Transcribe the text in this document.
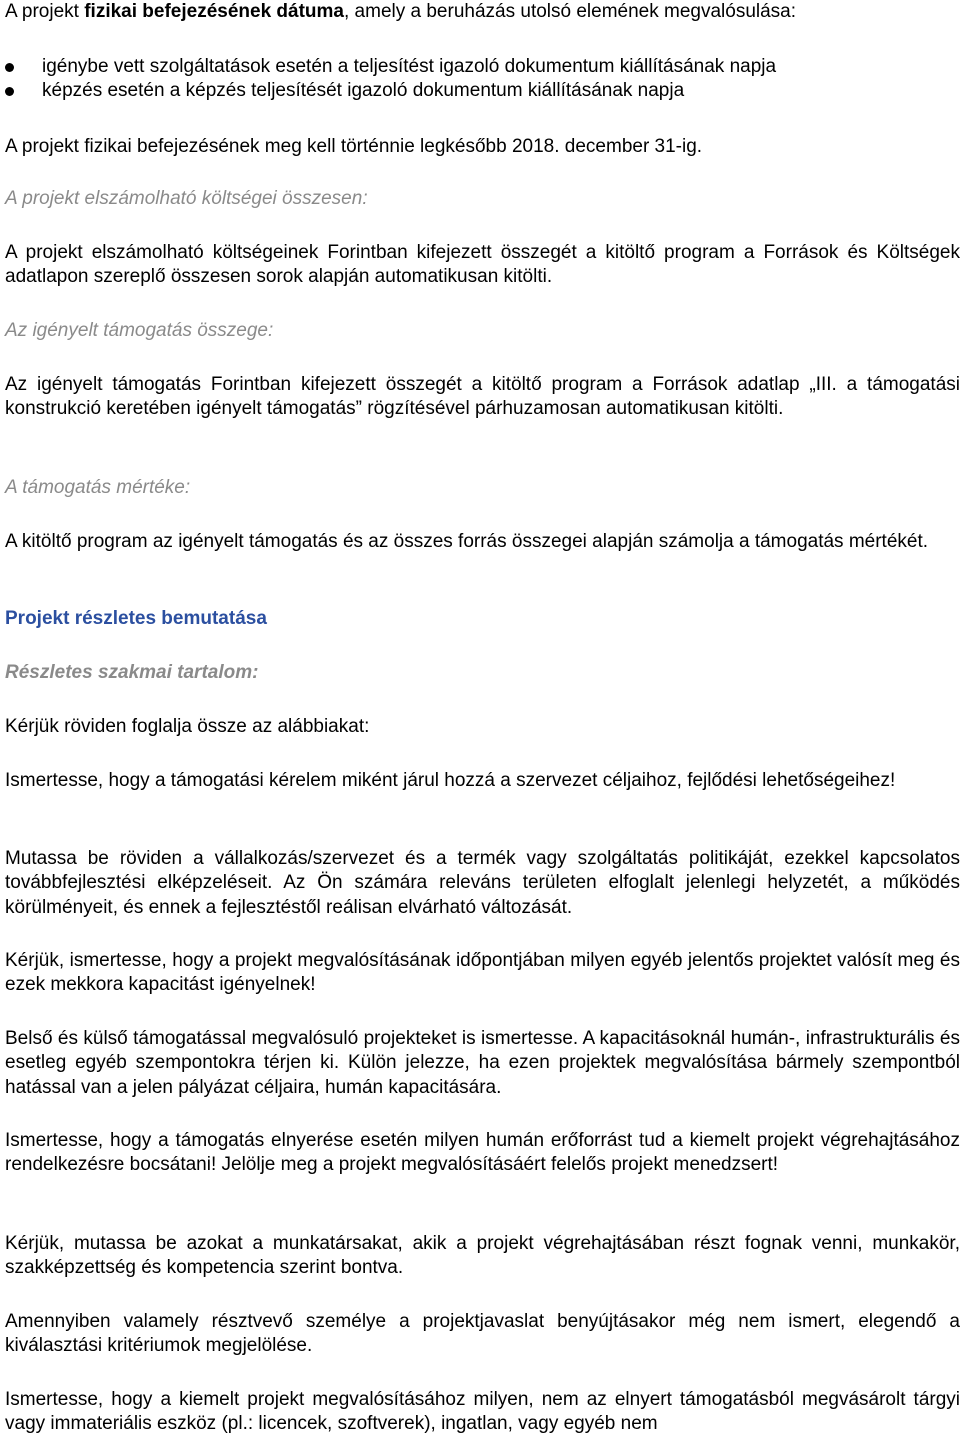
A projekt fizikai befejezésének dátuma, amely a beruházás utolsó elemének megvalósulása:

igénybe vett szolgáltatások esetén a teljesítést igazoló dokumentum kiállításának napja
képzés esetén a képzés teljesítését igazoló dokumentum kiállításának napja

A projekt fizikai befejezésének meg kell történnie legkésőbb 2018. december 31-ig.

A projekt elszámolható költségei összesen:

A projekt elszámolható költségeinek Forintban kifejezett összegét a kitöltő program a Források és Költségek adatlapon szereplő összesen sorok alapján automatikusan kitölti.

Az igényelt támogatás összege:

Az igényelt támogatás Forintban kifejezett összegét a kitöltő program a Források adatlap „III. a támogatási konstrukció keretében igényelt támogatás” rögzítésével párhuzamosan automatikusan kitölti.

A támogatás mértéke:

A kitöltő program az igényelt támogatás és az összes forrás összegei alapján számolja a támogatás mértékét.

Projekt részletes bemutatása

Részletes szakmai tartalom:

Kérjük röviden foglalja össze az alábbiakat:

Ismertesse, hogy a támogatási kérelem miként járul hozzá a szervezet céljaihoz, fejlődési lehetőségeihez!

Mutassa be röviden a vállalkozás/szervezet és a termék vagy szolgáltatás politikáját, ezekkel kapcsolatos továbbfejlesztési elképzeléseit. Az Ön számára releváns területen elfoglalt jelenlegi helyzetét, a működés körülményeit, és ennek a fejlesztéstől reálisan elvárható változását.

Kérjük, ismertesse, hogy a projekt megvalósításának időpontjában milyen egyéb jelentős projektet valósít meg és ezek mekkora kapacitást igényelnek!

Belső és külső támogatással megvalósuló projekteket is ismertesse. A kapacitásoknál humán-, infrastrukturális és esetleg egyéb szempontokra térjen ki. Külön jelezze, ha ezen projektek megvalósítása bármely szempontból hatással van a jelen pályázat céljaira, humán kapacitására.

Ismertesse, hogy a támogatás elnyerése esetén milyen humán erőforrást tud a kiemelt projekt végrehajtásához rendelkezésre bocsátani! Jelölje meg a projekt megvalósításáért felelős projekt menedzsert!

Kérjük, mutassa be azokat a munkatársakat, akik a projekt végrehajtásában részt fognak venni, munkakör, szakképzettség és kompetencia szerint bontva.

Amennyiben valamely résztvevő személye a projektjavaslat benyújtásakor még nem ismert, elegendő a kiválasztási kritériumok megjelölése.

Ismertesse, hogy a kiemelt projekt megvalósításához milyen, nem az elnyert támogatásból megvásárolt tárgyi vagy immateriális eszköz (pl.: licencek, szoftverek), ingatlan, vagy egyéb nem
